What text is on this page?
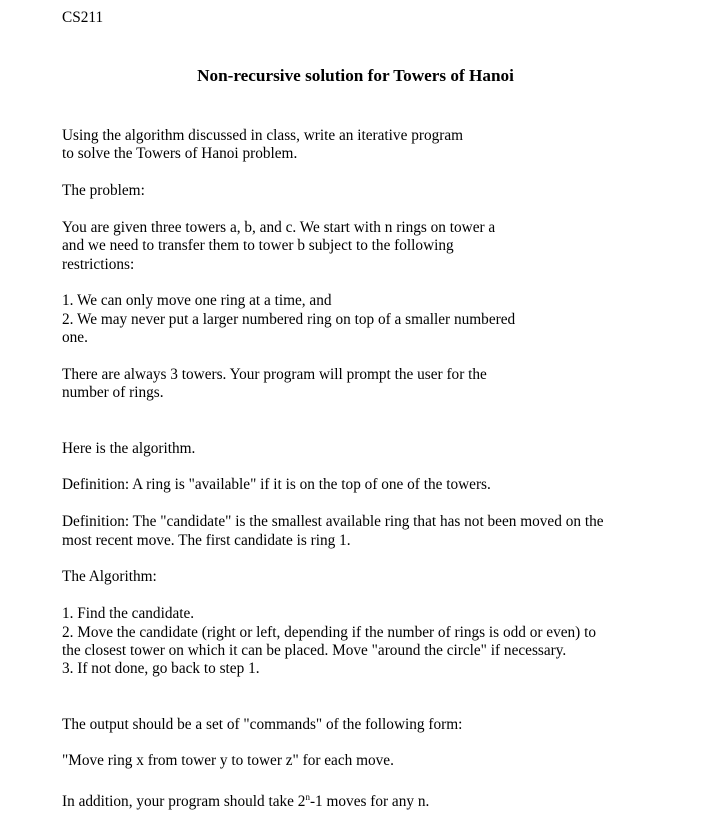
CS211
Non-recursive solution for Towers of Hanoi
Using the algorithm discussed in class, write an iterative program
to solve the Towers of Hanoi problem.
The problem:
You are given three towers a, b, and c. We start with n rings on tower a
and we need to transfer them to tower b subject to the following
restrictions:
1. We can only move one ring at a time, and
2. We may never put a larger numbered ring on top of a smaller numbered
one.
There are always 3 towers. Your program will prompt the user for the
number of rings.
Here is the algorithm.
Definition: A ring is "available" if it is on the top of one of the towers.
Definition: The "candidate" is the smallest available ring that has not been moved on the
most recent move. The first candidate is ring 1.
The Algorithm:
1. Find the candidate.
2. Move the candidate (right or left, depending if the number of rings is odd or even) to
the closest tower on which it can be placed. Move "around the circle" if necessary.
3. If not done, go back to step 1.
The output should be a set of "commands" of the following form:
"Move ring x from tower y to tower z" for each move.
In addition, your program should take 2$^n$-1 moves for any n.
